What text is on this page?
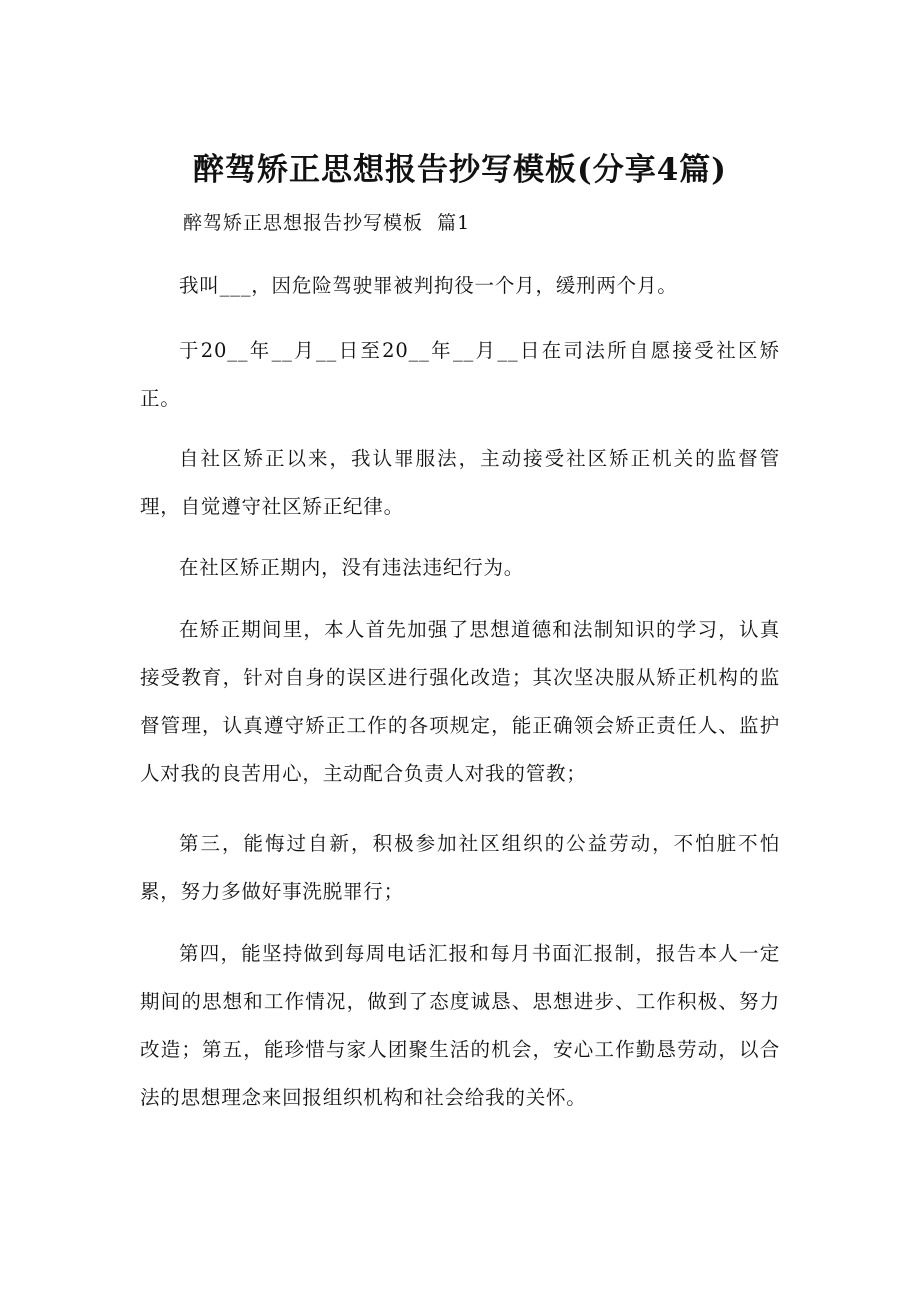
醉驾矫正思想报告抄写模板(分享4篇)

醉驾矫正思想报告抄写模板  篇1

我叫___，因危险驾驶罪被判拘役一个月，缓刑两个月。

于20__年__月__日至20__年__月__日在司法所自愿接受社区矫正。

自社区矫正以来，我认罪服法，主动接受社区矫正机关的监督管理，自觉遵守社区矫正纪律。

在社区矫正期内，没有违法违纪行为。

在矫正期间里，本人首先加强了思想道德和法制知识的学习，认真接受教育，针对自身的误区进行强化改造；其次坚决服从矫正机构的监督管理，认真遵守矫正工作的各项规定，能正确领会矫正责任人、监护人对我的良苦用心，主动配合负责人对我的管教；

第三，能悔过自新，积极参加社区组织的公益劳动，不怕脏不怕累，努力多做好事洗脱罪行；

第四，能坚持做到每周电话汇报和每月书面汇报制，报告本人一定期间的思想和工作情况，做到了态度诚恳、思想进步、工作积极、努力改造；第五，能珍惜与家人团聚生活的机会，安心工作勤恳劳动，以合法的思想理念来回报组织机构和社会给我的关怀。
